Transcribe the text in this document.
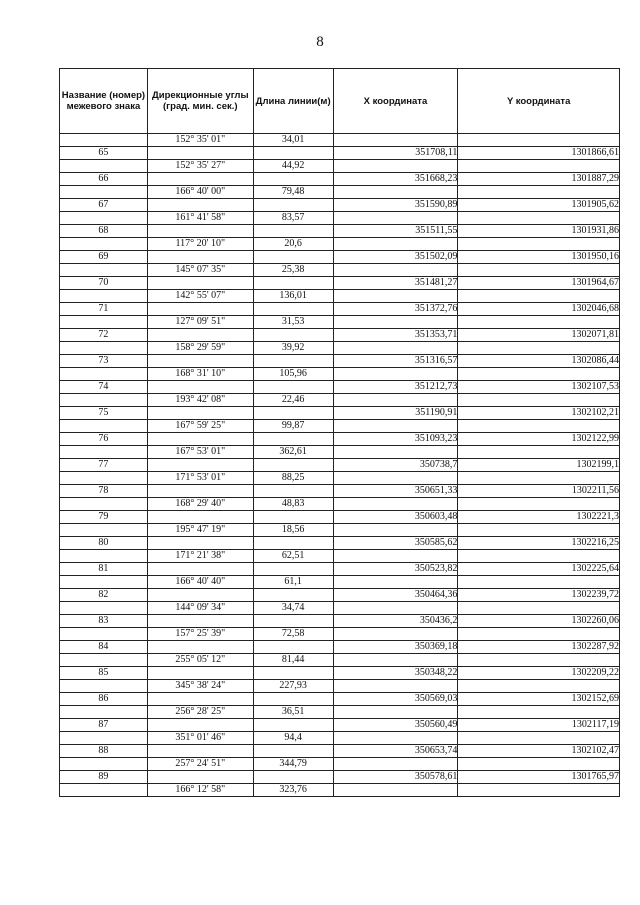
8
Название (номер) межевого знака	Дирекционные углы (град. мин. сек.)	Длина линии(м)	X координата	Y координата
	152° 35' 01"	34,01		
65			351708,11	1301866,61
	152° 35' 27"	44,92		
66			351668,23	1301887,29
	166° 40' 00"	79,48		
67			351590,89	1301905,62
	161° 41' 58"	83,57		
68			351511,55	1301931,86
	117° 20' 10"	20,6		
69			351502,09	1301950,16
	145° 07' 35"	25,38		
70			351481,27	1301964,67
	142° 55' 07"	136,01		
71			351372,76	1302046,68
	127° 09' 51"	31,53		
72			351353,71	1302071,81
	158° 29' 59"	39,92		
73			351316,57	1302086,44
	168° 31' 10"	105,96		
74			351212,73	1302107,53
	193° 42' 08"	22,46		
75			351190,91	1302102,21
	167° 59' 25"	99,87		
76			351093,23	1302122,99
	167° 53' 01"	362,61		
77			350738,7	1302199,1
	171° 53' 01"	88,25		
78			350651,33	1302211,56
	168° 29' 40"	48,83		
79			350603,48	1302221,3
	195° 47' 19"	18,56		
80			350585,62	1302216,25
	171° 21' 38"	62,51		
81			350523,82	1302225,64
	166° 40' 40"	61,1		
82			350464,36	1302239,72
	144° 09' 34"	34,74		
83			350436,2	1302260,06
	157° 25' 39"	72,58		
84			350369,18	1302287,92
	255° 05' 12"	81,44		
85			350348,22	1302209,22
	345° 38' 24"	227,93		
86			350569,03	1302152,69
	256° 28' 25"	36,51		
87			350560,49	1302117,19
	351° 01' 46"	94,4		
88			350653,74	1302102,47
	257° 24' 51"	344,79		
89			350578,61	1301765,97
	166° 12' 58"	323,76		
